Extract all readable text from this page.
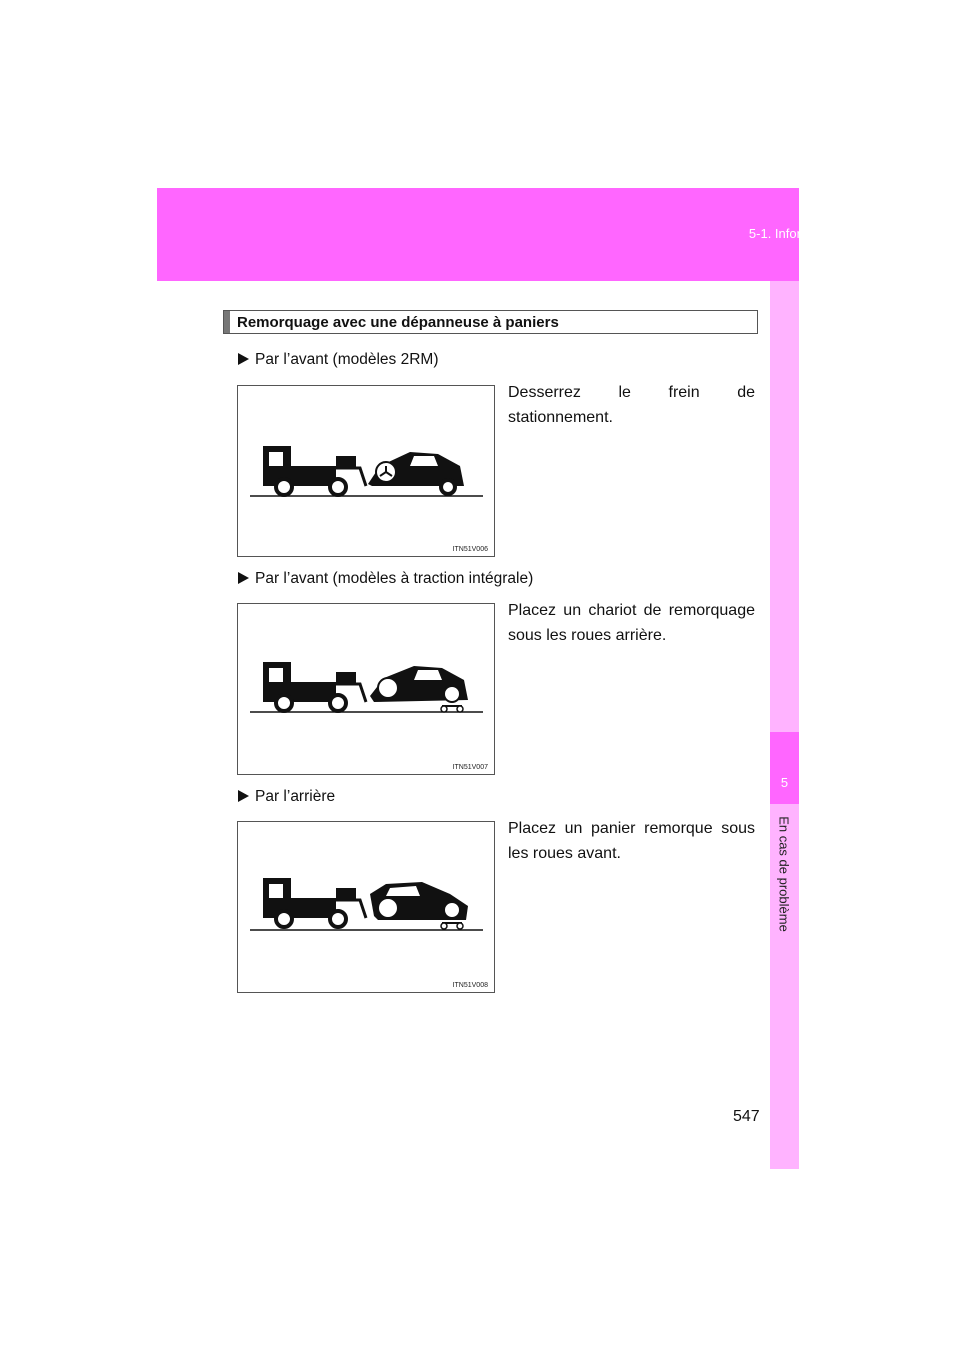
5-1. Informations essentielles
5
En cas de problème
Remorquage avec une dépanneuse à paniers
Par l’avant (modèles 2RM)
Desserrez le frein de stationnement.
ITN51V006
Par l’avant (modèles à traction intégrale)
Placez un chariot de remorquage sous les roues arrière.
ITN51V007
Par l’arrière
Placez un panier remorque sous les roues avant.
ITN51V008
547
